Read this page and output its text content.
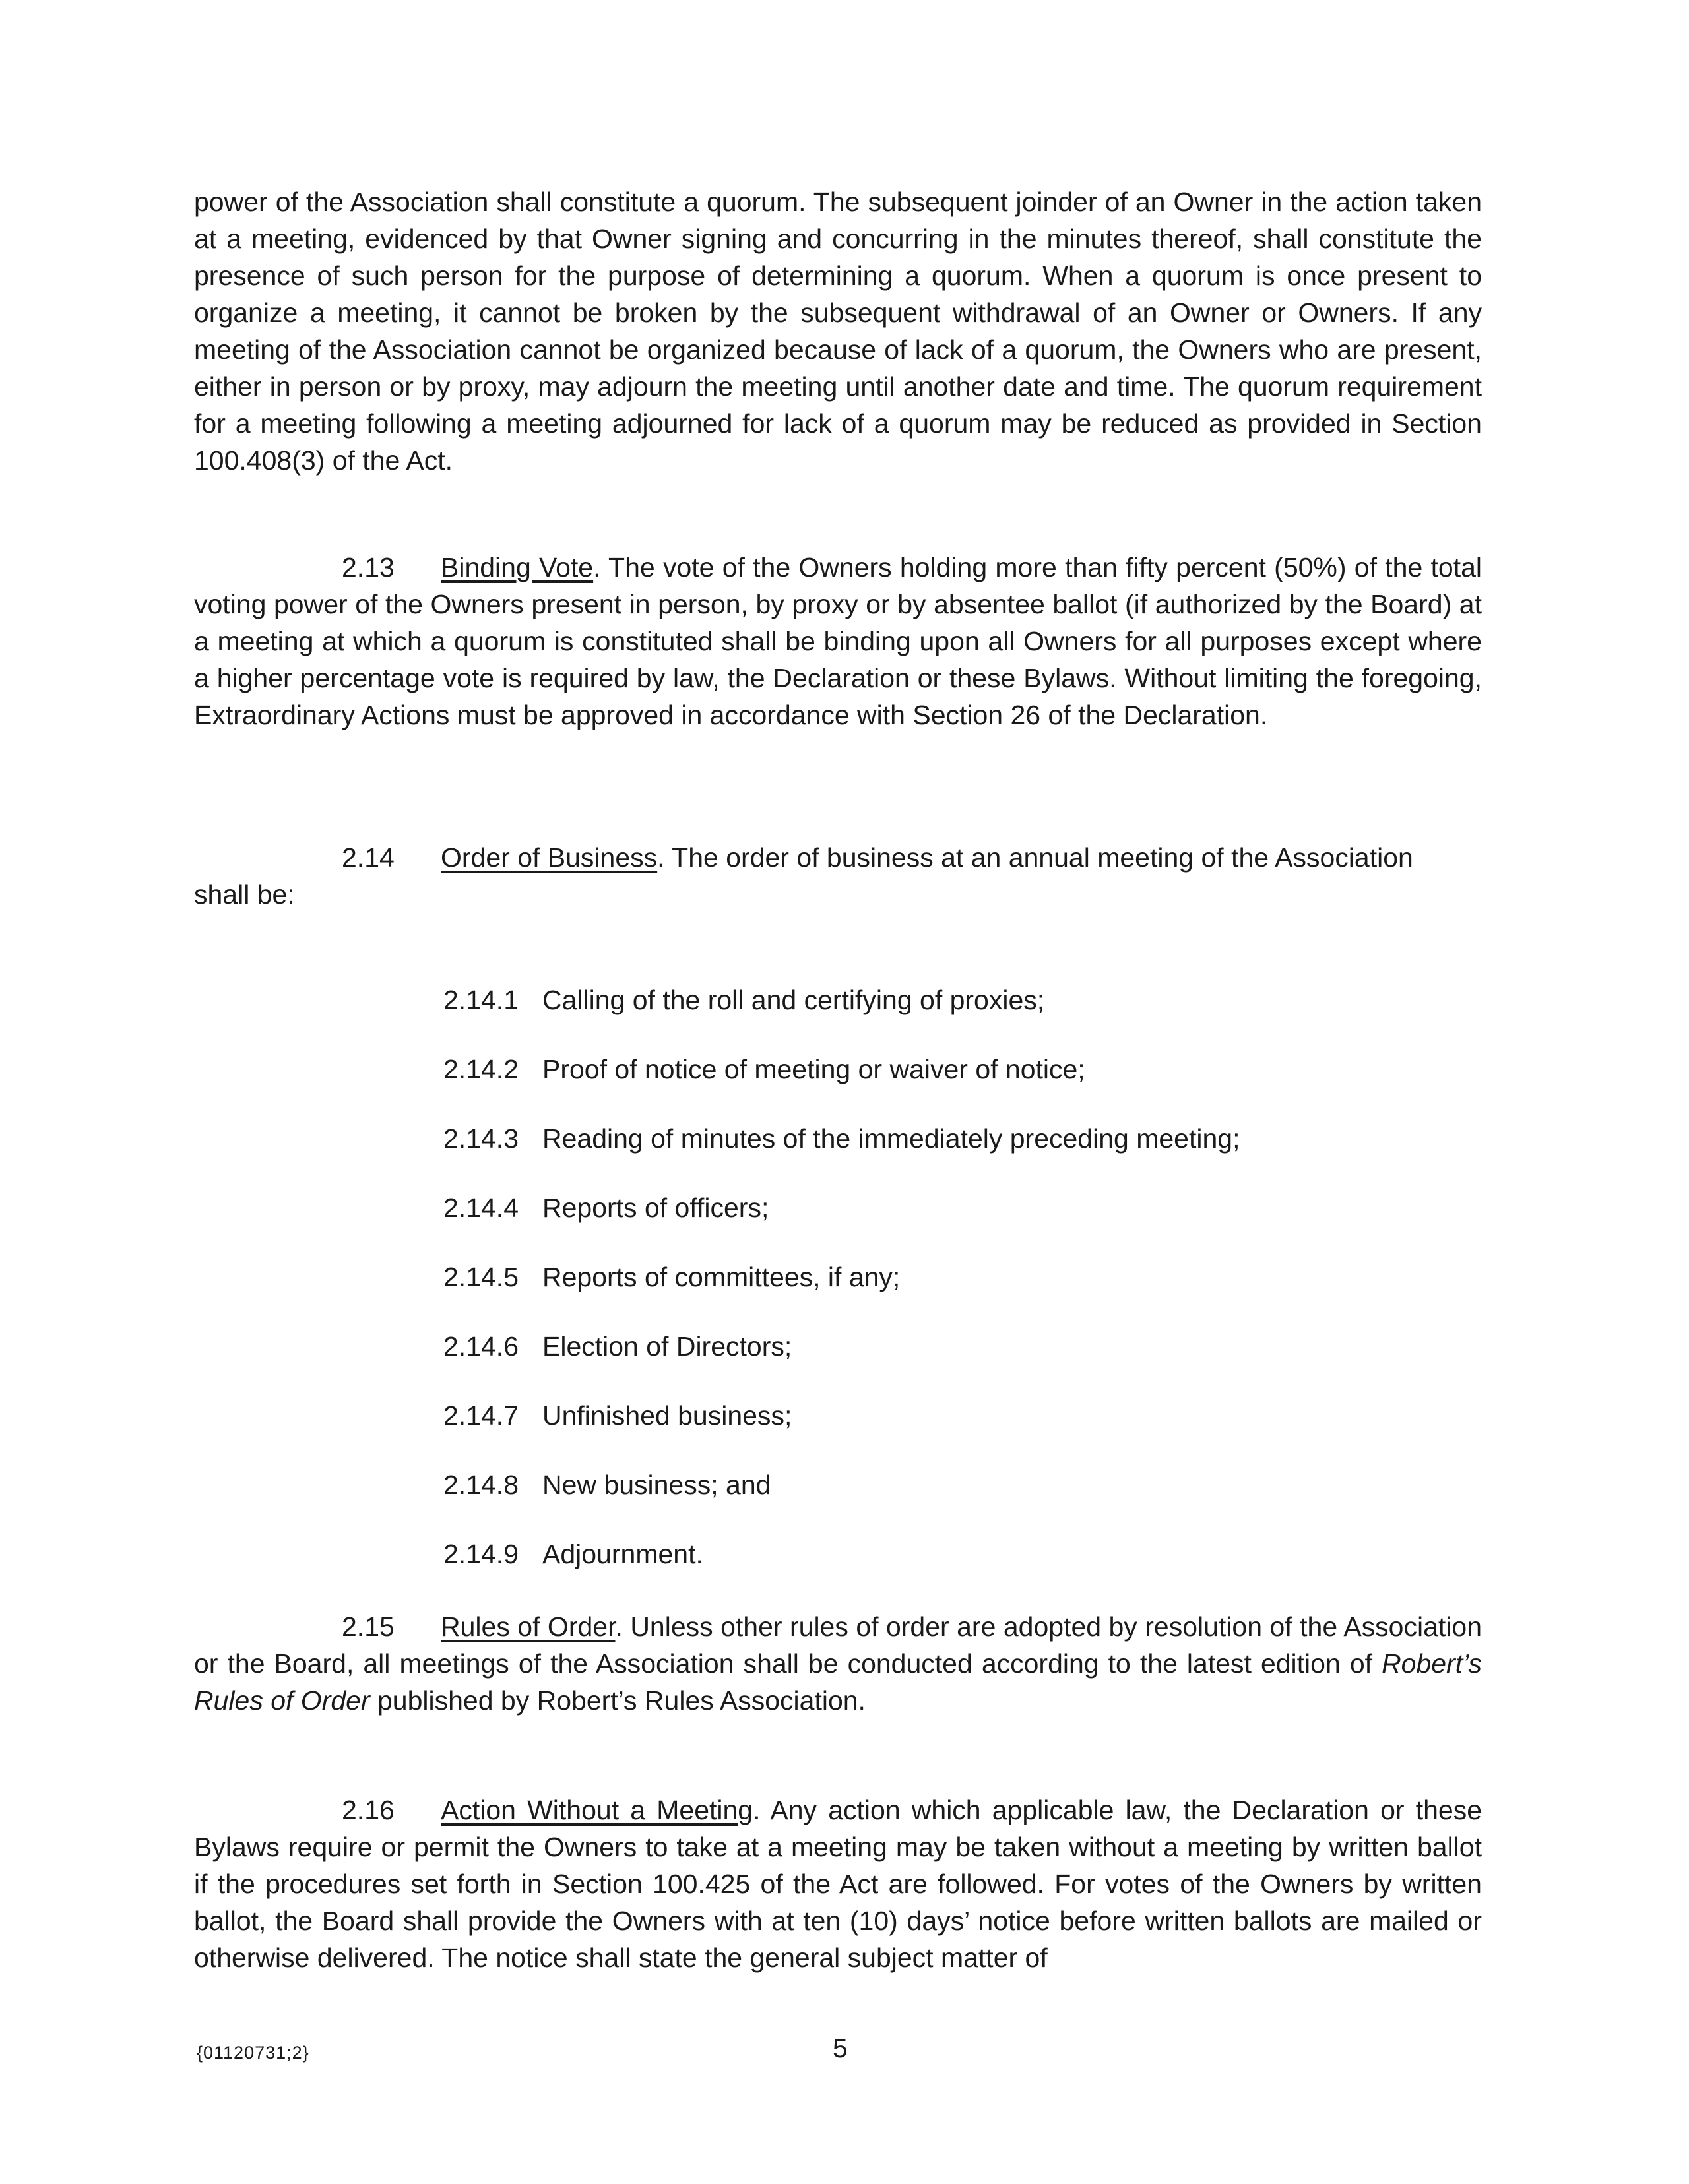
power of the Association shall constitute a quorum. The subsequent joinder of an Owner in the action taken at a meeting, evidenced by that Owner signing and concurring in the minutes thereof, shall constitute the presence of such person for the purpose of determining a quorum. When a quorum is once present to organize a meeting, it cannot be broken by the subsequent withdrawal of an Owner or Owners. If any meeting of the Association cannot be organized because of lack of a quorum, the Owners who are present, either in person or by proxy, may adjourn the meeting until another date and time. The quorum requirement for a meeting following a meeting adjourned for lack of a quorum may be reduced as provided in Section 100.408(3) of the Act.

2.13 Binding Vote. The vote of the Owners holding more than fifty percent (50%) of the total voting power of the Owners present in person, by proxy or by absentee ballot (if authorized by the Board) at a meeting at which a quorum is constituted shall be binding upon all Owners for all purposes except where a higher percentage vote is required by law, the Declaration or these Bylaws. Without limiting the foregoing, Extraordinary Actions must be approved in accordance with Section 26 of the Declaration.

2.14 Order of Business. The order of business at an annual meeting of the Association
shall be:
2.14.1 Calling of the roll and certifying of proxies;
2.14.2 Proof of notice of meeting or waiver of notice;
2.14.3 Reading of minutes of the immediately preceding meeting;
2.14.4 Reports of officers;
2.14.5 Reports of committees, if any;
2.14.6 Election of Directors;
2.14.7 Unfinished business;
2.14.8 New business; and
2.14.9 Adjournment.

2.15 Rules of Order. Unless other rules of order are adopted by resolution of the Association or the Board, all meetings of the Association shall be conducted according to the latest edition of Robert’s Rules of Order published by Robert’s Rules Association.

2.16 Action Without a Meeting. Any action which applicable law, the Declaration or these Bylaws require or permit the Owners to take at a meeting may be taken without a meeting by written ballot if the procedures set forth in Section 100.425 of the Act are followed. For votes of the Owners by written ballot, the Board shall provide the Owners with at ten (10) days’ notice before written ballots are mailed or otherwise delivered. The notice shall state the general subject matter of

{01120731;2}	5
